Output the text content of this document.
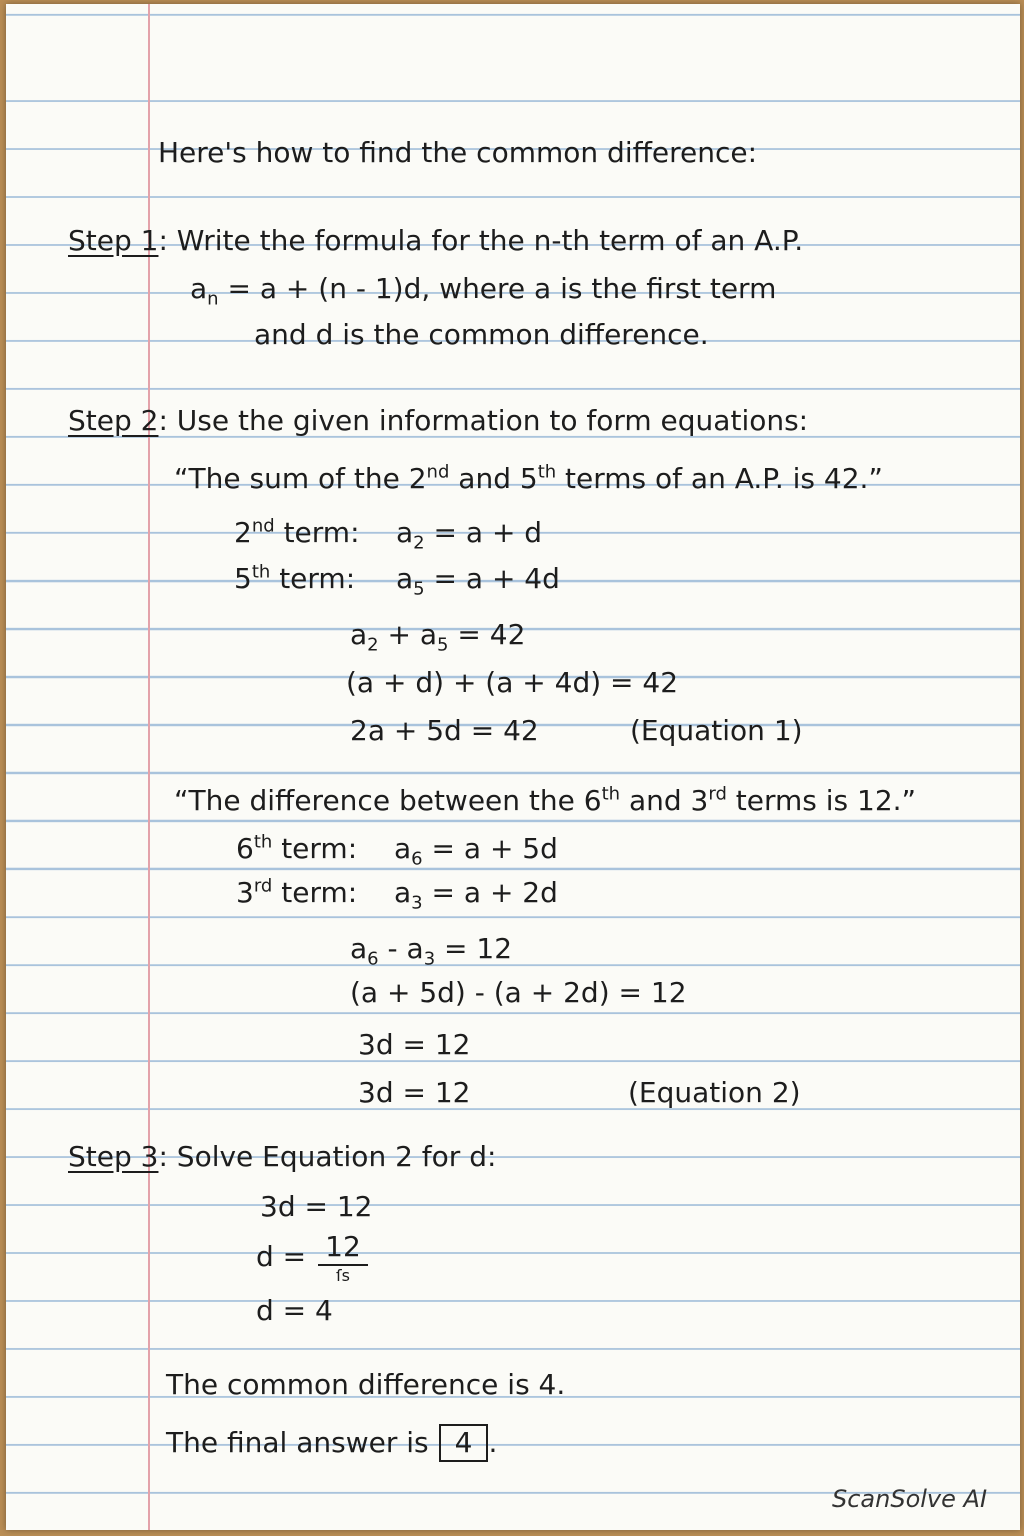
Here's how to find the common difference:
Step 1: Write the formula for the n-th term of an A.P.
$a_n = a + (n - 1)d$, where a is the first term
and d is the common difference.
Step 2: Use the given information to form equations:
“The sum of the 2nd and 5th terms of an A.P. is 42.”
2nd term: $a_2 = a + d$
5th term: $a_5 = a + 4d$
$a_2 + a_5 = 42$
(a + d) + (a + 4d) = 42
2a + 5d = 42	(Equation 1)
“The difference between the 6th and 3rd terms is 12.”
6th term: $a_6 = a + 5d$
3rd term: $a_3 = a + 2d$
$a_6 - a_3 = 12$
(a + 5d) - (a + 2d) = 12
3d = 12
3d = 12	(Equation 2)
Step 3: Solve Equation 2 for d:
3d = 12
d = 12
ſs
d = 4
The common difference is 4.
The final answer is 4 .
ScanSolve AI
